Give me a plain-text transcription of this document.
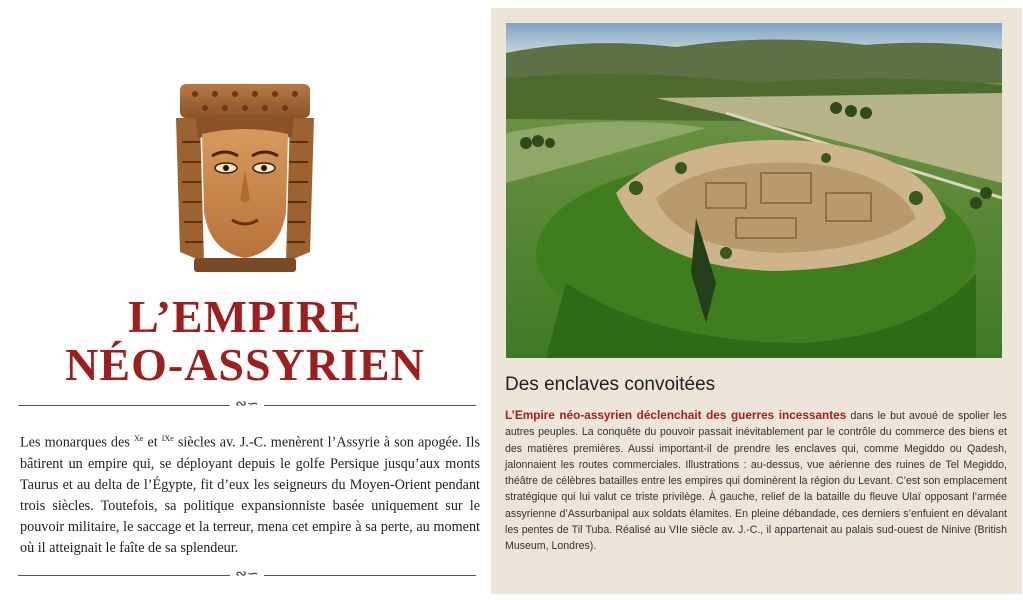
L’EMPIRE
NÉO-ASSYRIEN
∾∽

Les monarques des $^{Xe}$ et $^{IXe}$ siècles av. J.-C. menèrent l’Assyrie à son apogée. Ils bâtirent un empire qui, se déployant depuis le golfe Persique jusqu’aux monts Taurus et au delta de l’Égypte, fit d’eux les seigneurs du Moyen-Orient pendant trois siècles. Toutefois, sa politique expansionniste basée uniquement sur le pouvoir militaire, le saccage et la terreur, mena cet empire à sa perte, au moment où il atteignait le faîte de sa splendeur.

∾∽
Des enclaves convoitées

L’Empire néo-assyrien déclenchait des guerres incessantes dans le but avoué de spolier les autres peuples. La conquête du pouvoir passait inévitablement par le contrôle du commerce des biens et des matières premières. Aussi important-il de prendre les enclaves qui, comme Megiddo ou Qadesh, jalonnaient les routes commerciales. Illustrations : au-dessus, vue aérienne des ruines de Tel Megiddo, théâtre de célèbres batailles entre les empires qui dominèrent la région du Levant. C’est son emplacement stratégique qui lui valut ce triste privilège. À gauche, relief de la bataille du fleuve Ulaï opposant l’armée assyrienne d’Assurbanipal aux soldats élamites. En pleine débandade, ces derniers s’enfuient en dévalant les pentes de Til Tuba. Réalisé au VIIe siècle av. J.-C., il appartenait au palais sud-ouest de Ninive (British Museum, Londres).
